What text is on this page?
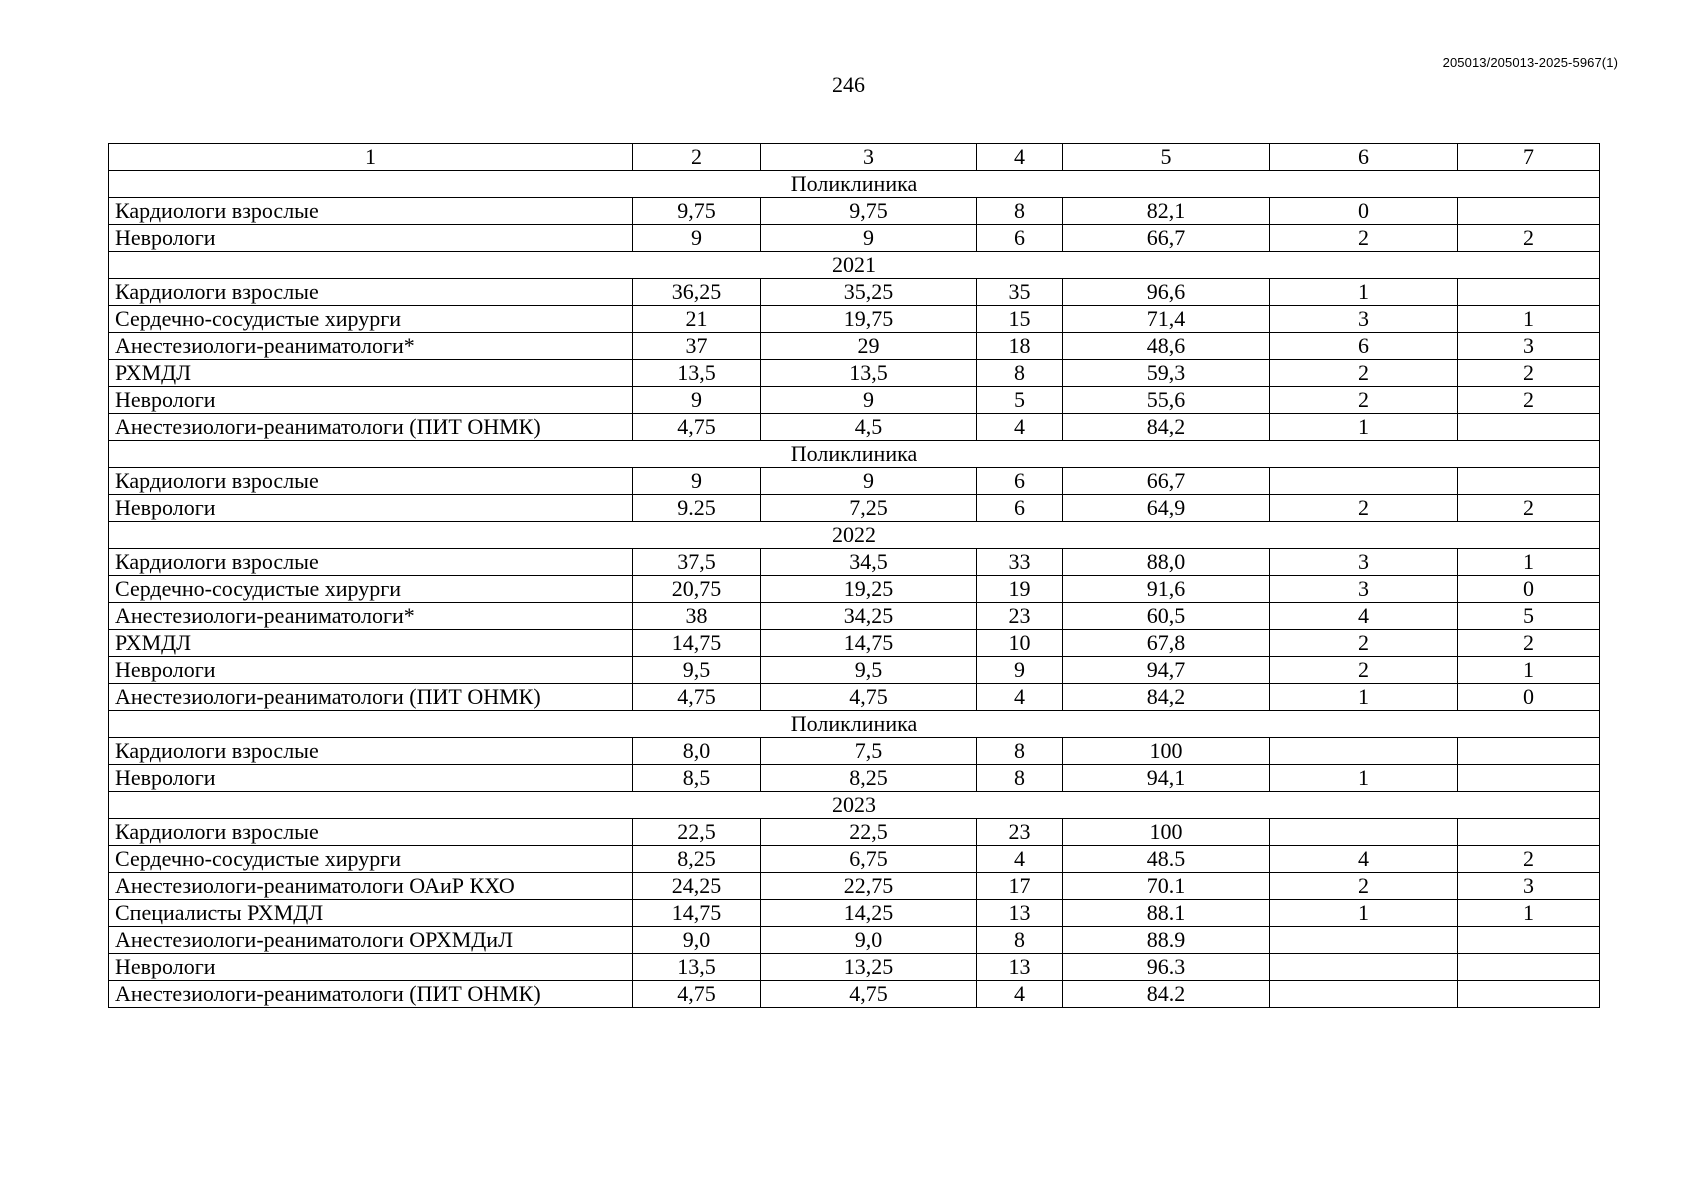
205013/205013-2025-5967(1)
246
1	2	3	4	5	6	7
Поликлиника						
Кардиологи взрослые	9,75	9,75	8	82,1	0	
Неврологи	9	9	6	66,7	2	2
2021						
Кардиологи взрослые	36,25	35,25	35	96,6	1	
Сердечно-сосудистые хирурги	21	19,75	15	71,4	3	1
Анестезиологи-реаниматологи*	37	29	18	48,6	6	3
РХМДЛ	13,5	13,5	8	59,3	2	2
Неврологи	9	9	5	55,6	2	2
Анестезиологи-реаниматологи (ПИТ ОНМК)	4,75	4,5	4	84,2	1	
Поликлиника						
Кардиологи взрослые	9	9	6	66,7		
Неврологи	9.25	7,25	6	64,9	2	2
2022						
Кардиологи взрослые	37,5	34,5	33	88,0	3	1
Сердечно-сосудистые хирурги	20,75	19,25	19	91,6	3	0
Анестезиологи-реаниматологи*	38	34,25	23	60,5	4	5
РХМДЛ	14,75	14,75	10	67,8	2	2
Неврологи	9,5	9,5	9	94,7	2	1
Анестезиологи-реаниматологи (ПИТ ОНМК)	4,75	4,75	4	84,2	1	0
Поликлиника						
Кардиологи взрослые	8,0	7,5	8	100		
Неврологи	8,5	8,25	8	94,1	1	
2023						
Кардиологи взрослые	22,5	22,5	23	100		
Сердечно-сосудистые хирурги	8,25	6,75	4	48.5	4	2
Анестезиологи-реаниматологи ОАиР КХО	24,25	22,75	17	70.1	2	3
Специалисты РХМДЛ	14,75	14,25	13	88.1	1	1
Анестезиологи-реаниматологи ОРХМДиЛ	9,0	9,0	8	88.9		
Неврологи	13,5	13,25	13	96.3		
Анестезиологи-реаниматологи (ПИТ ОНМК)	4,75	4,75	4	84.2		
